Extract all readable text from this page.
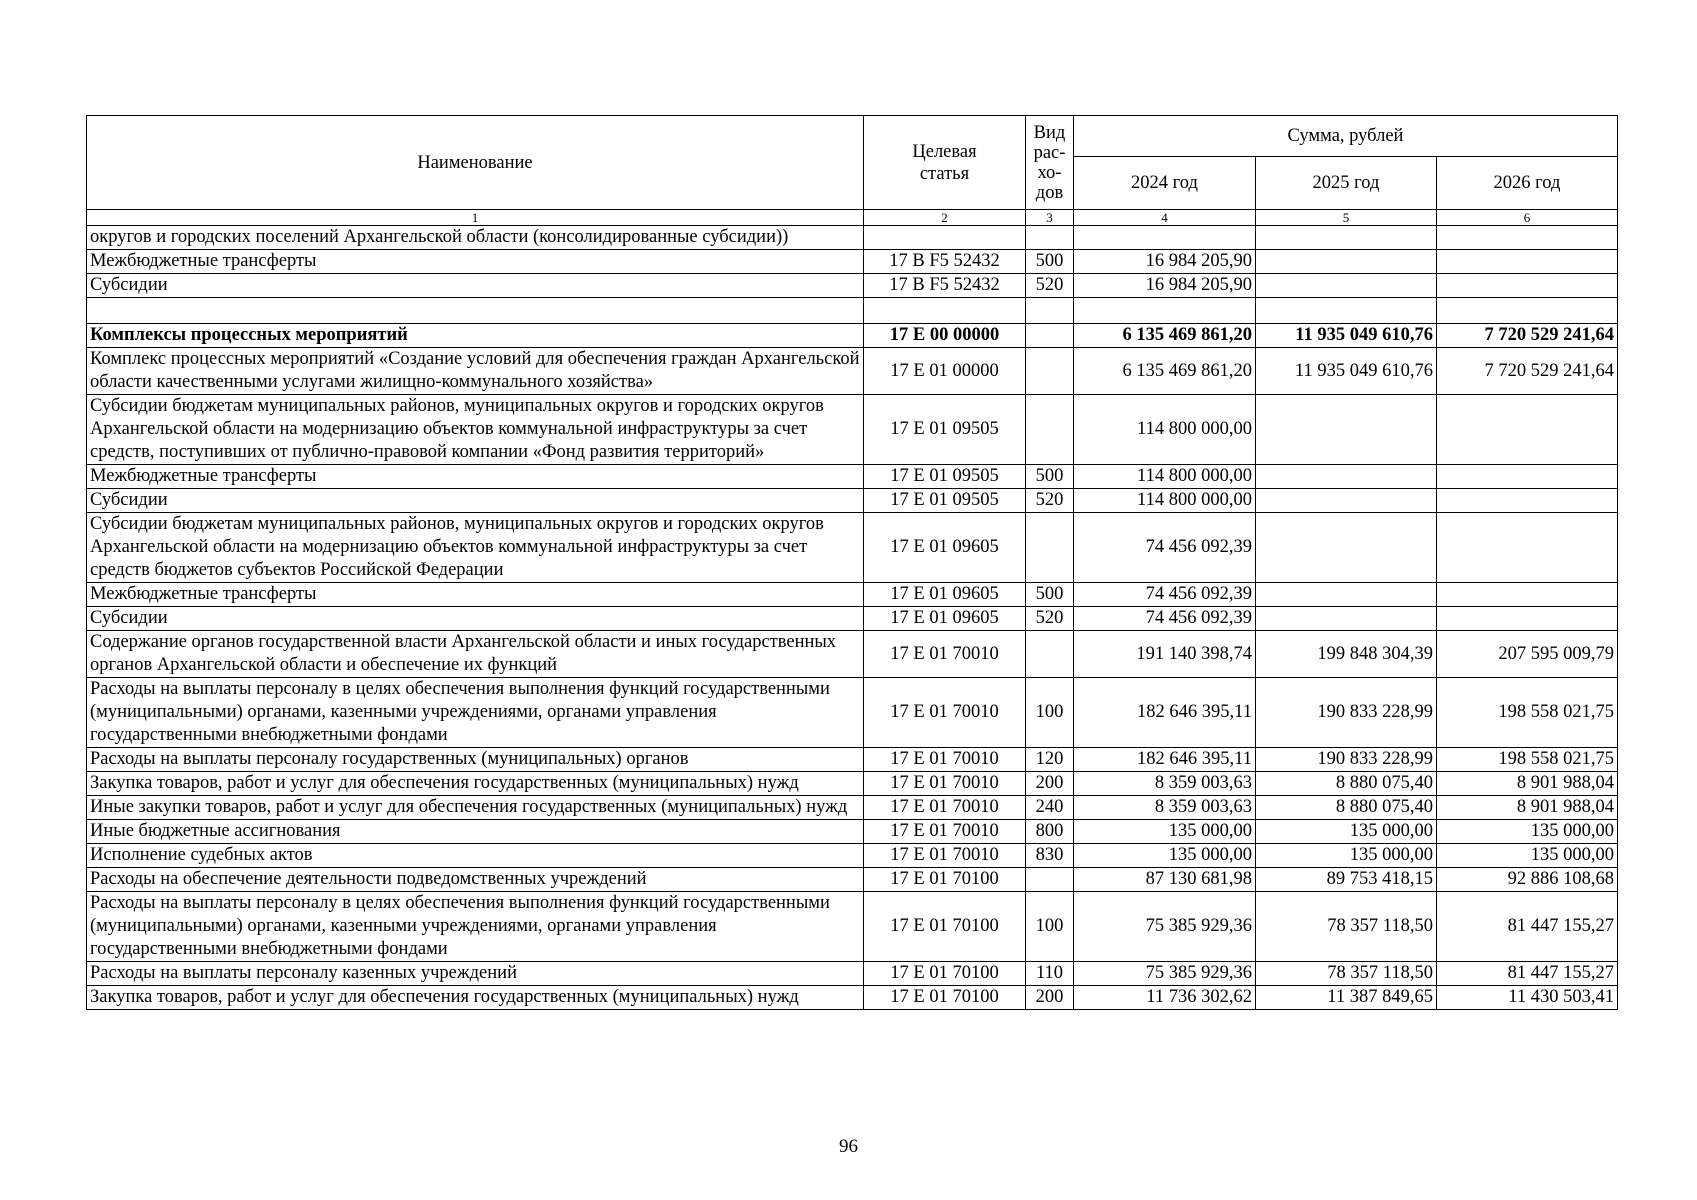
Наименование	Целевая статья	Вид
рас-
хо-
дов	Сумма, рублей		
			2024 год	2025 год	2026 год
1	2	3	4	5	6
округов и городских поселений Архангельской области (консолидированные субсидии))					
Межбюджетные трансферты	17 В F5 52432	500	16 984 205,90		
Субсидии	17 В F5 52432	520	16 984 205,90		

Комплексы процессных мероприятий	17 Е 00 00000		6 135 469 861,20	11 935 049 610,76	7 720 529 241,64
Комплекс процессных мероприятий «Создание условий для обеспечения граждан Архангельской области качественными услугами жилищно-коммунального хозяйства»	17 Е 01 00000		6 135 469 861,20	11 935 049 610,76	7 720 529 241,64
Субсидии бюджетам муниципальных районов, муниципальных округов и городских округов Архангельской области на модернизацию объектов коммунальной инфраструктуры за счет средств, поступивших от публично-правовой компании «Фонд развития территорий»	17 Е 01 09505		114 800 000,00		
Межбюджетные трансферты	17 Е 01 09505	500	114 800 000,00		
Субсидии	17 Е 01 09505	520	114 800 000,00		
Субсидии бюджетам муниципальных районов, муниципальных округов и городских округов Архангельской области на модернизацию объектов коммунальной инфраструктуры за счет средств бюджетов субъектов Российской Федерации	17 Е 01 09605		74 456 092,39		
Межбюджетные трансферты	17 Е 01 09605	500	74 456 092,39		
Субсидии	17 Е 01 09605	520	74 456 092,39		
Содержание органов государственной власти Архангельской области и иных государственных органов Архангельской области и обеспечение их функций	17 Е 01 70010		191 140 398,74	199 848 304,39	207 595 009,79
Расходы на выплаты персоналу в целях обеспечения выполнения функций государственными (муниципальными) органами, казенными учреждениями, органами управления государственными внебюджетными фондами	17 Е 01 70010	100	182 646 395,11	190 833 228,99	198 558 021,75
Расходы на выплаты персоналу государственных (муниципальных) органов	17 Е 01 70010	120	182 646 395,11	190 833 228,99	198 558 021,75
Закупка товаров, работ и услуг для обеспечения государственных (муниципальных) нужд	17 Е 01 70010	200	8 359 003,63	8 880 075,40	8 901 988,04
Иные закупки товаров, работ и услуг для обеспечения государственных (муниципальных) нужд	17 Е 01 70010	240	8 359 003,63	8 880 075,40	8 901 988,04
Иные бюджетные ассигнования	17 Е 01 70010	800	135 000,00	135 000,00	135 000,00
Исполнение судебных актов	17 Е 01 70010	830	135 000,00	135 000,00	135 000,00
Расходы на обеспечение деятельности подведомственных учреждений	17 Е 01 70100		87 130 681,98	89 753 418,15	92 886 108,68
Расходы на выплаты персоналу в целях обеспечения выполнения функций государственными (муниципальными) органами, казенными учреждениями, органами управления государственными внебюджетными фондами	17 Е 01 70100	100	75 385 929,36	78 357 118,50	81 447 155,27
Расходы на выплаты персоналу казенных учреждений	17 Е 01 70100	110	75 385 929,36	78 357 118,50	81 447 155,27
Закупка товаров, работ и услуг для обеспечения государственных (муниципальных) нужд	17 Е 01 70100	200	11 736 302,62	11 387 849,65	11 430 503,41
96
